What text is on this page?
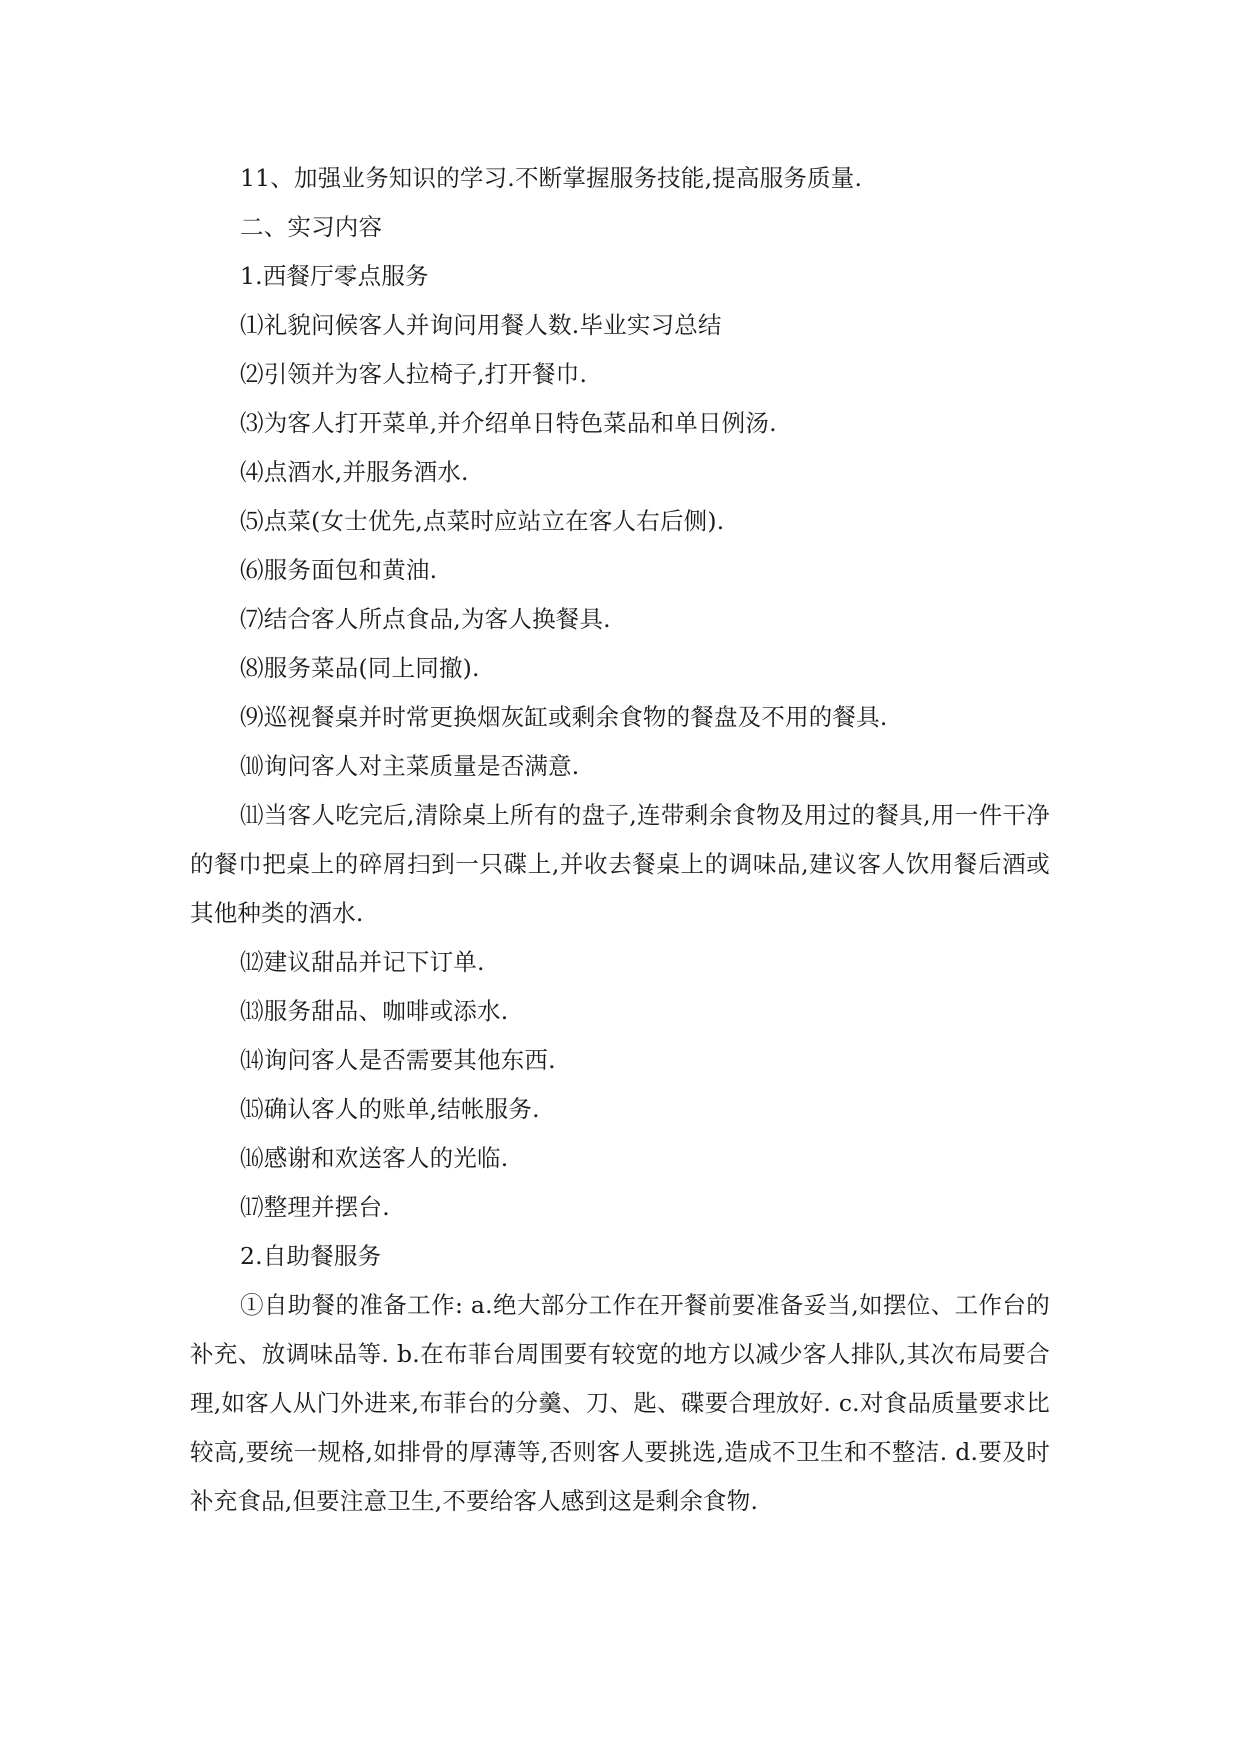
11、加强业务知识的学习.不断掌握服务技能,提高服务质量.

二、实习内容

1.西餐厅零点服务

⑴礼貌问候客人并询问用餐人数.毕业实习总结

⑵引领并为客人拉椅子,打开餐巾.

⑶为客人打开菜单,并介绍单日特色菜品和单日例汤.

⑷点酒水,并服务酒水.

⑸点菜(女士优先,点菜时应站立在客人右后侧).

⑹服务面包和黄油.

⑺结合客人所点食品,为客人换餐具.

⑻服务菜品(同上同撤).

⑼巡视餐桌并时常更换烟灰缸或剩余食物的餐盘及不用的餐具.

⑽询问客人对主菜质量是否满意.

⑾当客人吃完后,清除桌上所有的盘子,连带剩余食物及用过的餐具,用一件干净的餐巾把桌上的碎屑扫到一只碟上,并收去餐桌上的调味品,建议客人饮用餐后酒或其他种类的酒水.

⑿建议甜品并记下订单.

⒀服务甜品、咖啡或添水.

⒁询问客人是否需要其他东西.

⒂确认客人的账单,结帐服务.

⒃感谢和欢送客人的光临.

⒄整理并摆台.

2.自助餐服务

①自助餐的准备工作: a.绝大部分工作在开餐前要准备妥当,如摆位、工作台的补充、放调味品等. b.在布菲台周围要有较宽的地方以减少客人排队,其次布局要合理,如客人从门外进来,布菲台的分羹、刀、匙、碟要合理放好. c.对食品质量要求比较高,要统一规格,如排骨的厚薄等,否则客人要挑选,造成不卫生和不整洁. d.要及时补充食品,但要注意卫生,不要给客人感到这是剩余食物.
